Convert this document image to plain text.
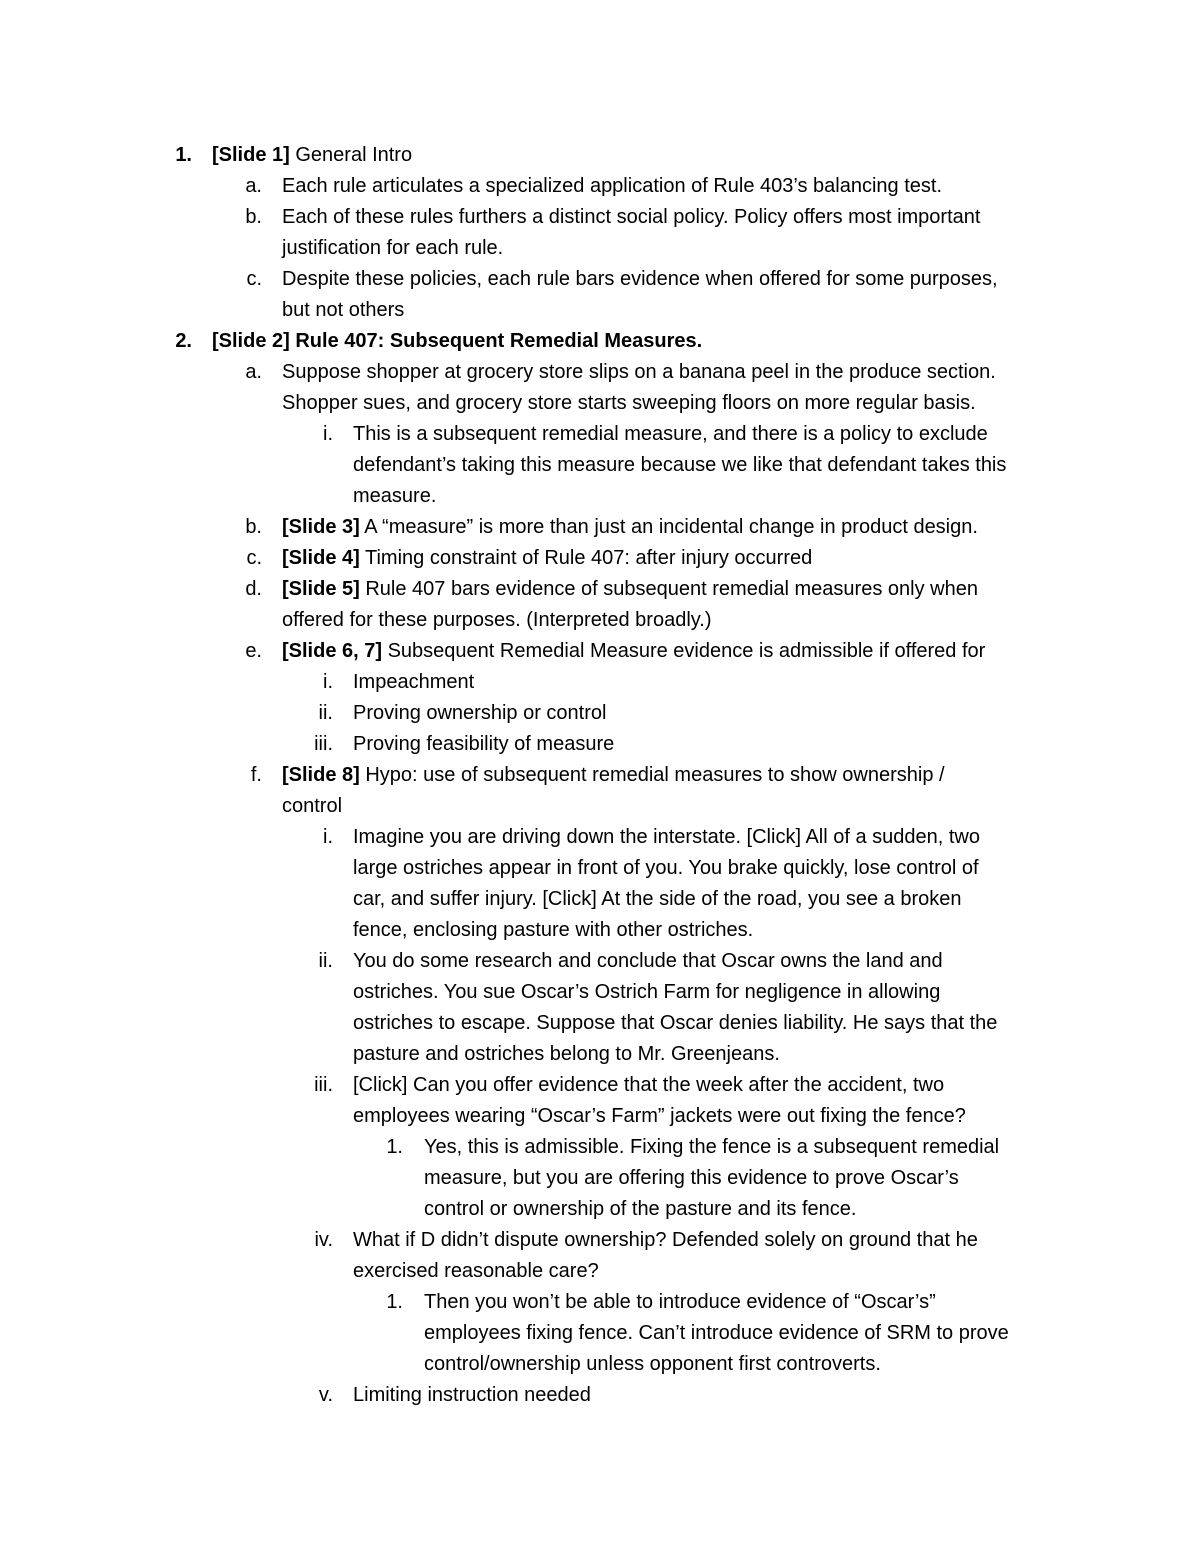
1. [Slide 1] General Intro
a. Each rule articulates a specialized application of Rule 403’s balancing test.
b. Each of these rules furthers a distinct social policy. Policy offers most important
justification for each rule.
c. Despite these policies, each rule bars evidence when offered for some purposes,
but not others
2. [Slide 2] Rule 407: Subsequent Remedial Measures.
a. Suppose shopper at grocery store slips on a banana peel in the produce section.
Shopper sues, and grocery store starts sweeping floors on more regular basis.
i. This is a subsequent remedial measure, and there is a policy to exclude
defendant’s taking this measure because we like that defendant takes this
measure.
b. [Slide 3] A “measure” is more than just an incidental change in product design.
c. [Slide 4] Timing constraint of Rule 407: after injury occurred
d. [Slide 5] Rule 407 bars evidence of subsequent remedial measures only when
offered for these purposes. (Interpreted broadly.)
e. [Slide 6, 7] Subsequent Remedial Measure evidence is admissible if offered for
i. Impeachment
ii. Proving ownership or control
iii. Proving feasibility of measure
f. [Slide 8] Hypo: use of subsequent remedial measures to show ownership /
control
i. Imagine you are driving down the interstate. [Click] All of a sudden, two
large ostriches appear in front of you. You brake quickly, lose control of
car, and suffer injury. [Click] At the side of the road, you see a broken
fence, enclosing pasture with other ostriches.
ii. You do some research and conclude that Oscar owns the land and
ostriches. You sue Oscar’s Ostrich Farm for negligence in allowing
ostriches to escape. Suppose that Oscar denies liability. He says that the
pasture and ostriches belong to Mr. Greenjeans.
iii. [Click] Can you offer evidence that the week after the accident, two
employees wearing “Oscar’s Farm” jackets were out fixing the fence?
1. Yes, this is admissible. Fixing the fence is a subsequent remedial
measure, but you are offering this evidence to prove Oscar’s
control or ownership of the pasture and its fence.
iv. What if D didn’t dispute ownership? Defended solely on ground that he
exercised reasonable care?
1. Then you won’t be able to introduce evidence of “Oscar’s”
employees fixing fence. Can’t introduce evidence of SRM to prove
control/ownership unless opponent first controverts.
v. Limiting instruction needed
